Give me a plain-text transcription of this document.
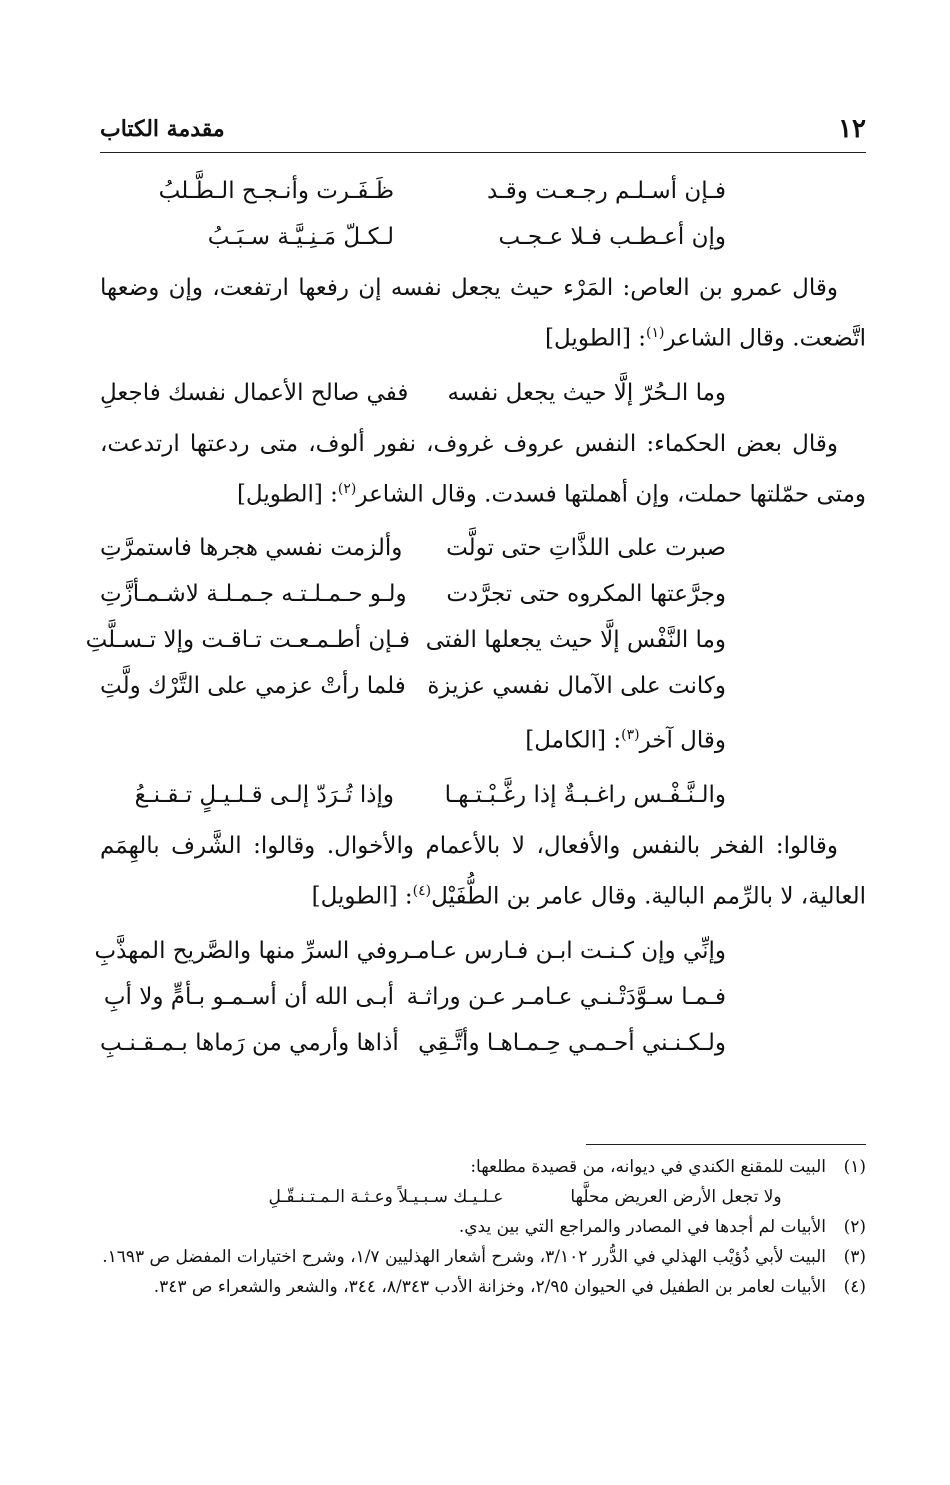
١٢
مقدمة الكتاب
فـإن أسـلـم رجـعـت وقـد
ظَـفَـرت وأنـجـح الـطَّـلبُ
وإن أعـطـب فـلا عـجـب
لـكـلّ مَـنِـيَّـة سـبَـبُ

وقال عمرو بن العاص: المَرْء حيث يجعل نفسه إن رفعها ارتفعت، وإن وضعها اتَّضعت. وقال الشاعر$^{(١)}$: [الطويل]

وما الـحُرّ إلَّا حيث يجعل نفسه
ففي صالح الأعمال نفسك فاجعلِ

وقال بعض الحكماء: النفس عروف غروف، نفور ألوف، متى ردعتها ارتدعت، ومتى حمّلتها حملت، وإن أهملتها فسدت. وقال الشاعر$^{(٢)}$: [الطويل]

صبرت على اللذَّاتِ حتى تولَّت
وألزمت نفسي هجرها فاستمرَّتِ
وجرَّعتها المكروه حتى تجرَّدت
ولـو حـمـلـتـه جـمـلـة لاشـمـأزَّتِ
وما النَّفْس إلَّا حيث يجعلها الفتى
فـإن أطـمـعـت تـاقـت وإلا تـسـلَّتِ
وكانت على الآمال نفسي عزيزة
فلما رأتْ عزمي على التَّرْك ولَّتِ
وقال آخر$^{(٣)}$: [الكامل]
والـنَّـفْـس راغـبـةٌ إذا رغَّـبْـتـهـا
وإذا تُـرَدّ إلـى قـلـيـلٍ تـقـنـعُ

وقالوا: الفخر بالنفس والأفعال، لا بالأعمام والأخوال. وقالوا: الشَّرف بالهِمَم العالية، لا بالرِّمم البالية. وقال عامر بن الطُّفَيْل$^{(٤)}$: [الطويل]

وإنِّي وإن كـنـت ابـن فـارس عـامـر
وفي السرِّ منها والصَّريح المهذَّبِ
فـمـا سـوَّدَتْـنـي عـامـر عـن وراثـة
أبـى الله أن أسـمـو بـأمٍّ ولا أبِ
ولـكـنـني أحـمـي حِـمـاهـا وأتَّـقِي
أذاها وأرمي من رَماها بـمـقـنـبِ
(١)
البيت للمقنع الكندي في ديوانه، من قصيدة مطلعها:
ولا تجعل الأرض العريض محلَّها
عـلـيـك سـبـيـلاً وعـثـة الـمـتـنـقّـلِ
(٢)
الأبيات لم أجدها في المصادر والمراجع التي بين يدي.
(٣)
البيت لأبي ذُؤيْب الهذلي في الدُّرر ٣/١٠٢، وشرح أشعار الهذليين ١/٧، وشرح اختيارات المفضل ص ١٦٩٣.
(٤)
الأبيات لعامر بن الطفيل في الحيوان ٢/٩٥، وخزانة الأدب ٨/٣٤٣، ٣٤٤، والشعر والشعراء ص ٣٤٣.
